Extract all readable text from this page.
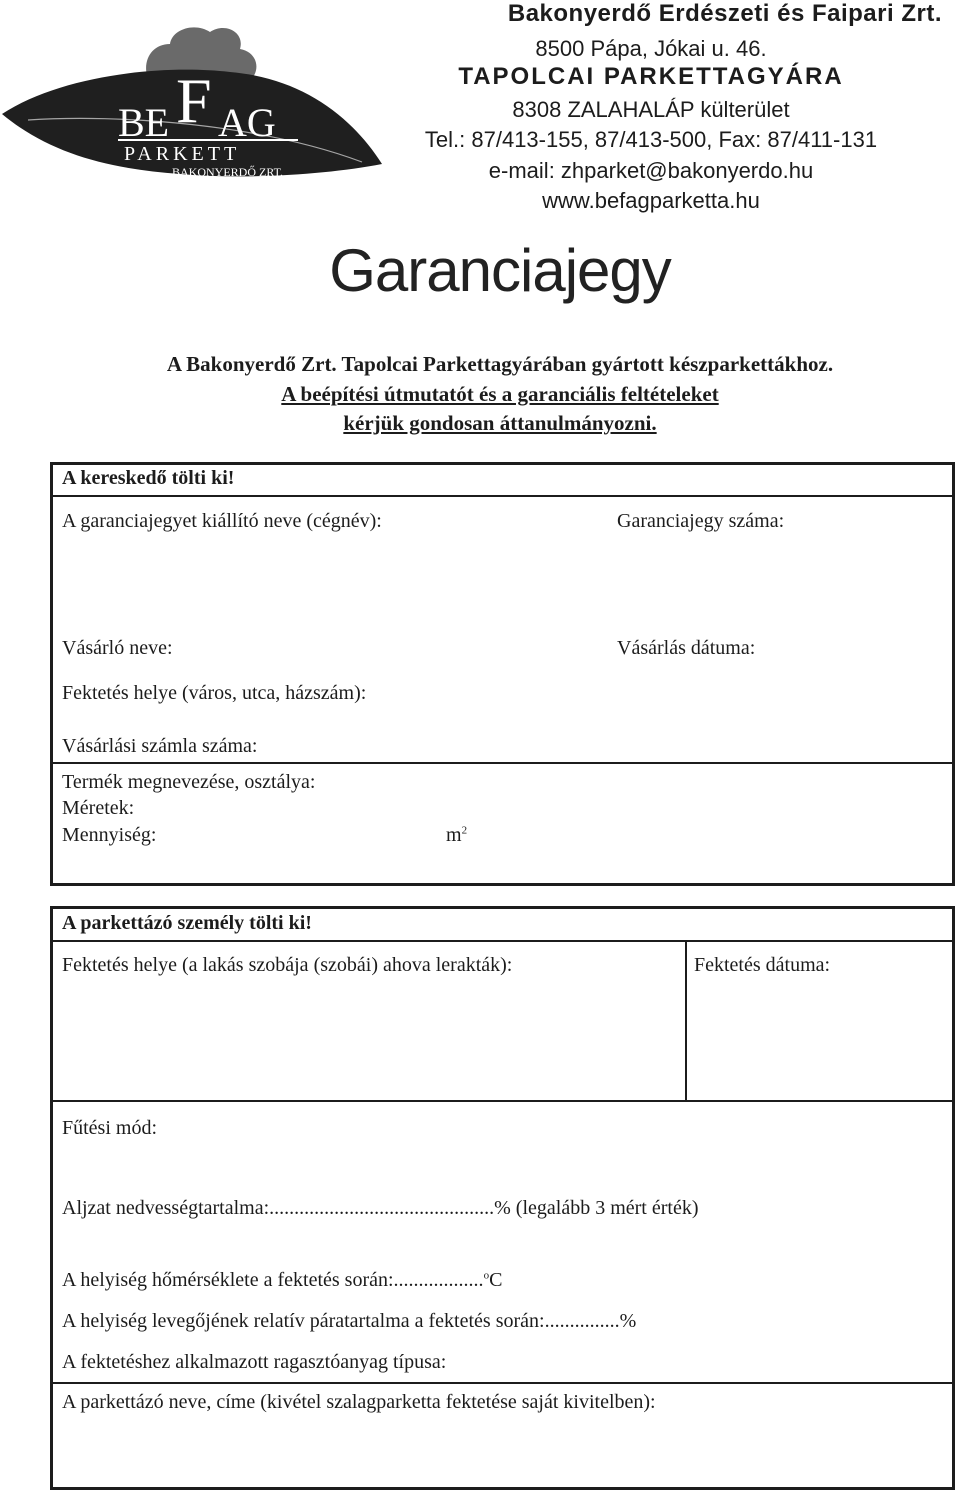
BE F AG
PARKETT
BAKONYERDŐ ZRT.
Bakonyerdő Erdészeti és Faipari Zrt.
8500 Pápa, Jókai u. 46.
TAPOLCAI PARKETTAGYÁRA
8308 ZALAHALÁP külterület
Tel.: 87/413-155, 87/413-500, Fax: 87/411-131
e-mail: zhparket@bakonyerdo.hu
www.befagparketta.hu
Garanciajegy
A Bakonyerdő Zrt. Tapolcai Parkettagyárában gyártott készparkettákhoz.
A beépítési útmutatót és a garanciális feltételeket
kérjük gondosan áttanulmányozni.
A kereskedő tölti ki!
A garanciajegyet kiállító neve (cégnév):	Garanciajegy száma:
Vásárló neve:	Vásárlás dátuma:
Fektetés helye (város, utca, házszám):
Vásárlási számla száma:
Termék megnevezése, osztálya:
Méretek:
Mennyiség:	$m^2$
A parkettázó személy tölti ki!
Fektetés helye (a lakás szobája (szobái) ahova lerakták):	Fektetés dátuma:
Fűtési mód:
Aljzat nedvességtartalma:.............................................% (legalább 3 mért érték)
A helyiség hőmérséklete a fektetés során:..................$^o$C
A helyiség levegőjének relatív páratartalma a fektetés során:...............%
A fektetéshez alkalmazott ragasztóanyag típusa:
A parkettázó neve, címe (kivétel szalagparketta fektetése saját kivitelben):
